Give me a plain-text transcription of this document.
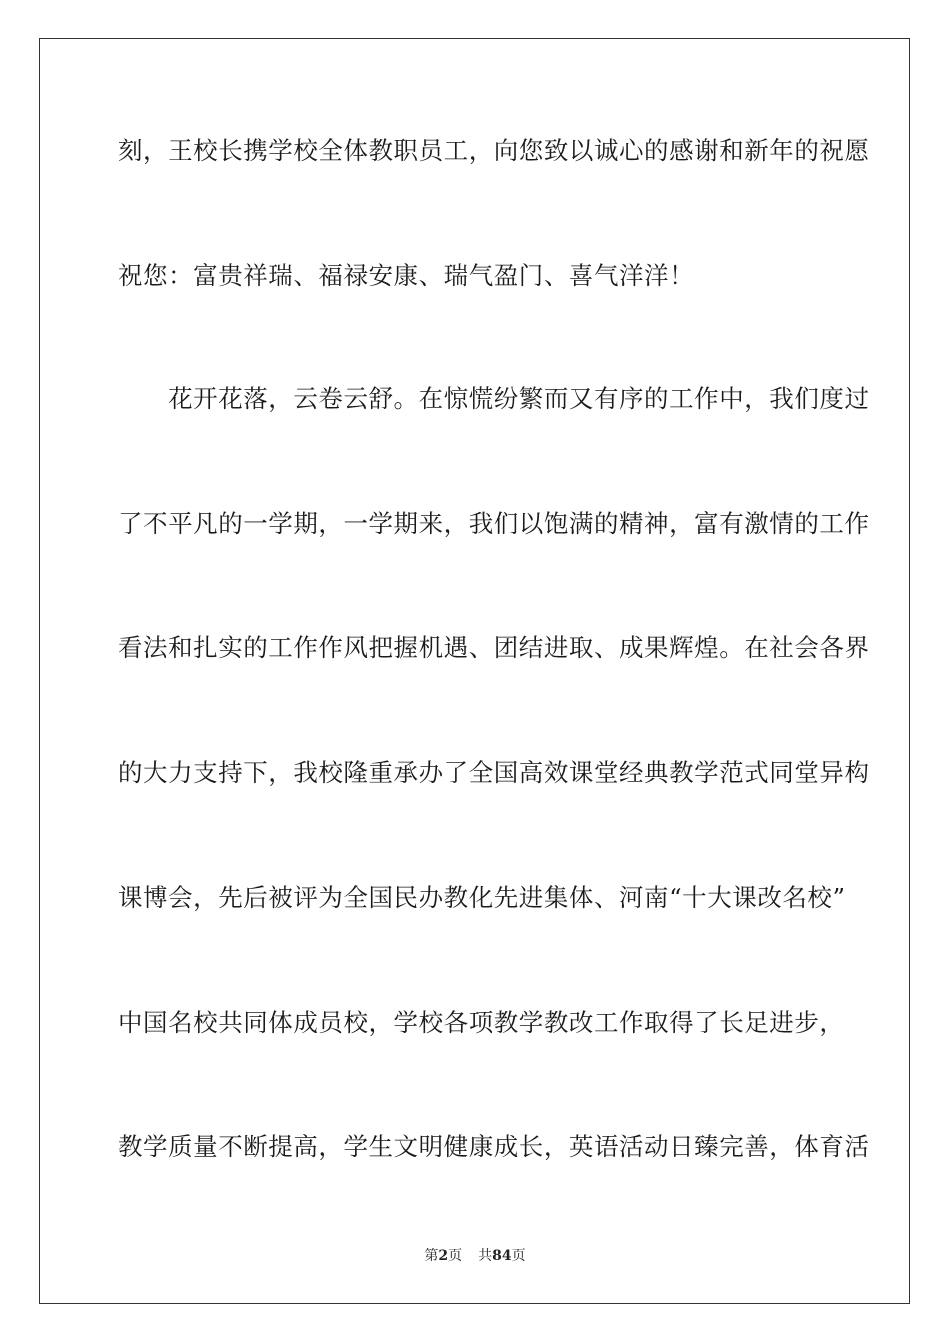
刻，王校长携学校全体教职员工，向您致以诚心的感谢和新年的祝愿
祝您：富贵祥瑞、福禄安康、瑞气盈门、喜气洋洋！
　　花开花落，云卷云舒。在惊慌纷繁而又有序的工作中，我们度过
了不平凡的一学期，一学期来，我们以饱满的精神，富有激情的工作
看法和扎实的工作作风把握机遇、团结进取、成果辉煌。在社会各界
的大力支持下，我校隆重承办了全国高效课堂经典教学范式同堂异构
课博会，先后被评为全国民办教化先进集体、河南“十大课改名校”
中国名校共同体成员校，学校各项教学教改工作取得了长足进步，
教学质量不断提高，学生文明健康成长，英语活动日臻完善，体育活
第2页 共84页
